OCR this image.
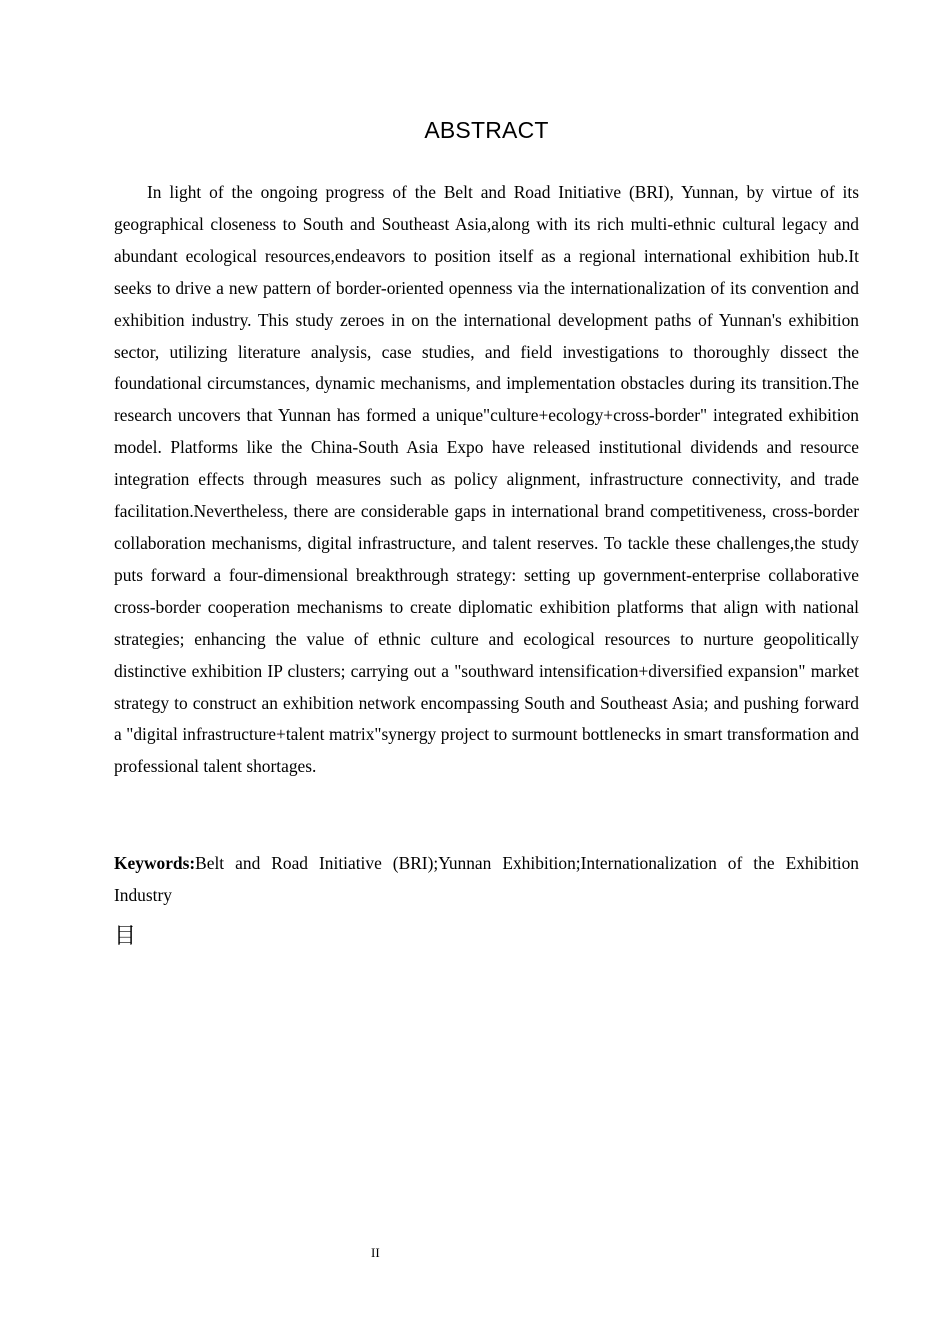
ABSTRACT

In light of the ongoing progress of the Belt and Road Initiative (BRI), Yunnan, by virtue of its geographical closeness to South and Southeast Asia,along with its rich multi-ethnic cultural legacy and abundant ecological resources,endeavors to position itself as a regional international exhibition hub.It seeks to drive a new pattern of border-oriented openness via the internationalization of its convention and exhibition industry. This study zeroes in on the international development paths of Yunnan's exhibition sector, utilizing literature analysis, case studies, and field investigations to thoroughly dissect the foundational circumstances, dynamic mechanisms, and implementation obstacles during its transition.The research uncovers that Yunnan has formed a unique"culture+ecology+cross-border" integrated exhibition model. Platforms like the China-South Asia Expo have released institutional dividends and resource integration effects through measures such as policy alignment, infrastructure connectivity, and trade facilitation.Nevertheless, there are considerable gaps in international brand competitiveness, cross-border collaboration mechanisms, digital infrastructure, and talent reserves. To tackle these challenges,the study puts forward a four-dimensional breakthrough strategy: setting up government-enterprise collaborative cross-border cooperation mechanisms to create diplomatic exhibition platforms that align with national strategies; enhancing the value of ethnic culture and ecological resources to nurture geopolitically distinctive exhibition IP clusters; carrying out a "southward intensification+diversified expansion" market strategy to construct an exhibition network encompassing South and Southeast Asia; and pushing forward a "digital infrastructure+talent matrix"synergy project to surmount bottlenecks in smart transformation and professional talent shortages.

Keywords:Belt and Road Initiative (BRI);Yunnan Exhibition;Internationalization of the Exhibition Industry

目
II
